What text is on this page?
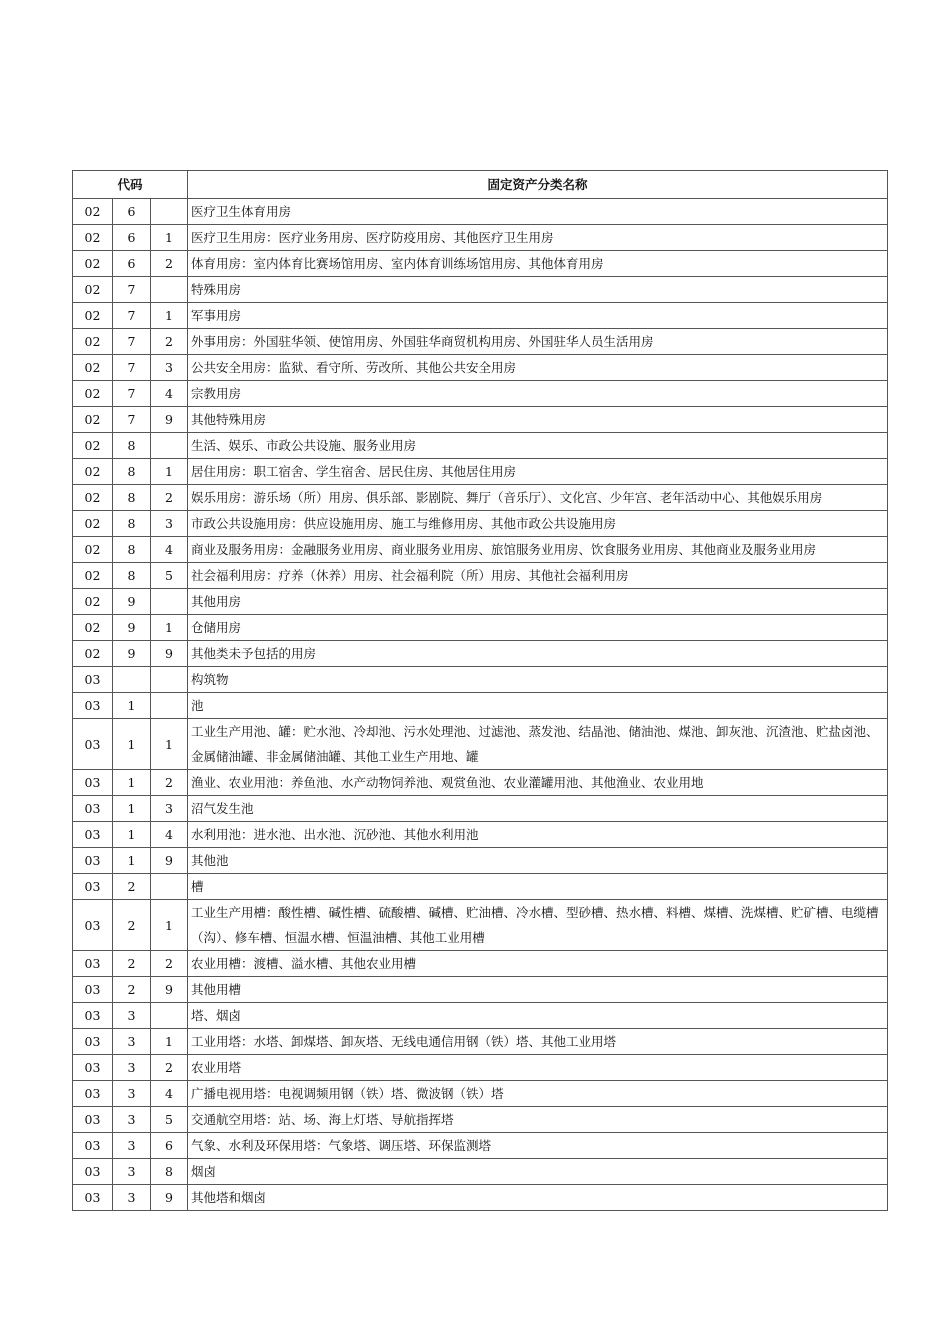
代码			固定资产分类名称
02	6		医疗卫生体育用房
02	6	1	医疗卫生用房：医疗业务用房、医疗防疫用房、其他医疗卫生用房
02	6	2	体育用房：室内体育比赛场馆用房、室内体育训练场馆用房、其他体育用房
02	7		特殊用房
02	7	1	军事用房
02	7	2	外事用房：外国驻华领、使馆用房、外国驻华商贸机构用房、外国驻华人员生活用房
02	7	3	公共安全用房：监狱、看守所、劳改所、其他公共安全用房
02	7	4	宗教用房
02	7	9	其他特殊用房
02	8		生活、娱乐、市政公共设施、服务业用房
02	8	1	居住用房：职工宿舍、学生宿舍、居民住房、其他居住用房
02	8	2	娱乐用房：游乐场（所）用房、俱乐部、影剧院、舞厅（音乐厅）、文化宫、少年宫、老年活动中心、其他娱乐用房
02	8	3	市政公共设施用房：供应设施用房、施工与维修用房、其他市政公共设施用房
02	8	4	商业及服务用房：金融服务业用房、商业服务业用房、旅馆服务业用房、饮食服务业用房、其他商业及服务业用房
02	8	5	社会福利用房：疗养（休养）用房、社会福利院（所）用房、其他社会福利用房
02	9		其他用房
02	9	1	仓储用房
02	9	9	其他类未予包括的用房
03			构筑物
03	1		池
03	1	1	工业生产用池、罐：贮水池、冷却池、污水处理池、过滤池、蒸发池、结晶池、储油池、煤池、卸灰池、沉渣池、贮盐卤池、金属储油罐、非金属储油罐、其他工业生产用地、罐
03	1	2	渔业、农业用池：养鱼池、水产动物饲养池、观赏鱼池、农业灌罐用池、其他渔业、农业用地
03	1	3	沼气发生池
03	1	4	水利用池：进水池、出水池、沉砂池、其他水利用池
03	1	9	其他池
03	2		槽
03	2	1	工业生产用槽：酸性槽、碱性槽、硫酸槽、碱槽、贮油槽、冷水槽、型砂槽、热水槽、料槽、煤槽、洗煤槽、贮矿槽、电缆槽（沟）、修车槽、恒温水槽、恒温油槽、其他工业用槽
03	2	2	农业用槽：渡槽、溢水槽、其他农业用槽
03	2	9	其他用槽
03	3		塔、烟卤
03	3	1	工业用塔：水塔、卸煤塔、卸灰塔、无线电通信用钢（铁）塔、其他工业用塔
03	3	2	农业用塔
03	3	4	广播电视用塔：电视调频用钢（铁）塔、微波钢（铁）塔
03	3	5	交通航空用塔：站、场、海上灯塔、导航指挥塔
03	3	6	气象、水利及环保用塔：气象塔、调压塔、环保监测塔
03	3	8	烟卤
03	3	9	其他塔和烟卤
